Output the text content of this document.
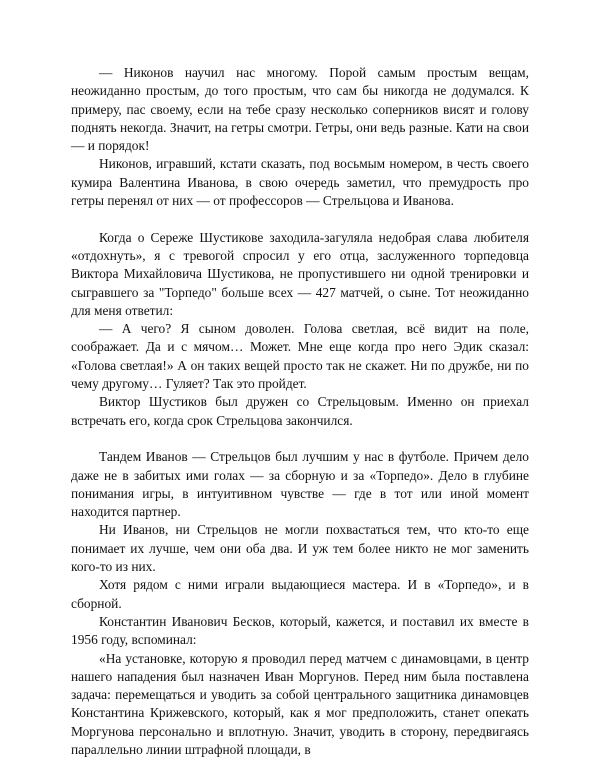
— Никонов научил нас многому. Порой самым простым вещам, неожиданно простым, до того простым, что сам бы никогда не додумался. К примеру, пас своему, если на тебе сразу несколько соперников висят и голову поднять некогда. Значит, на гетры смотри. Гетры, они ведь разные. Кати на свои — и порядок!

Никонов, игравший, кстати сказать, под восьмым номером, в честь своего кумира Валентина Иванова, в свою очередь заметил, что премудрость про гетры перенял от них — от профессоров — Стрельцова и Иванова.

Когда о Сереже Шустикове заходила-загуляла недобрая слава любителя «отдохнуть», я с тревогой спросил у его отца, заслуженного торпедовца Виктора Михайловича Шустикова, не пропустившего ни одной тренировки и сыгравшего за "Торпедо" больше всех — 427 матчей, о сыне. Тот неожиданно для меня ответил:

— А чего? Я сыном доволен. Голова светлая, всё видит на поле, соображает. Да и с мячом… Может. Мне еще когда про него Эдик сказал: «Голова светлая!» А он таких вещей просто так не скажет. Ни по дружбе, ни по чему другому… Гуляет? Так это пройдет.

Виктор Шустиков был дружен со Стрельцовым. Именно он приехал встречать его, когда срок Стрельцова закончился.

Тандем Иванов — Стрельцов был лучшим у нас в футболе. Причем дело даже не в забитых ими голах — за сборную и за «Торпедо». Дело в глубине понимания игры, в интуитивном чувстве — где в тот или иной момент находится партнер.

Ни Иванов, ни Стрельцов не могли похвастаться тем, что кто-то еще понимает их лучше, чем они оба два. И уж тем более никто не мог заменить кого-то из них.

Хотя рядом с ними играли выдающиеся мастера. И в «Торпедо», и в сборной.

Константин Иванович Бесков, который, кажется, и поставил их вместе в 1956 году, вспоминал:

«На установке, которую я проводил перед матчем с динамовцами, в центр нашего нападения был назначен Иван Моргунов. Перед ним была поставлена задача: перемещаться и уводить за собой центрального защитника динамовцев Константина Крижевского, который, как я мог предположить, станет опекать Моргунова персонально и вплотную. Значит, уводить в сторону, передвигаясь параллельно линии штрафной площади, в
